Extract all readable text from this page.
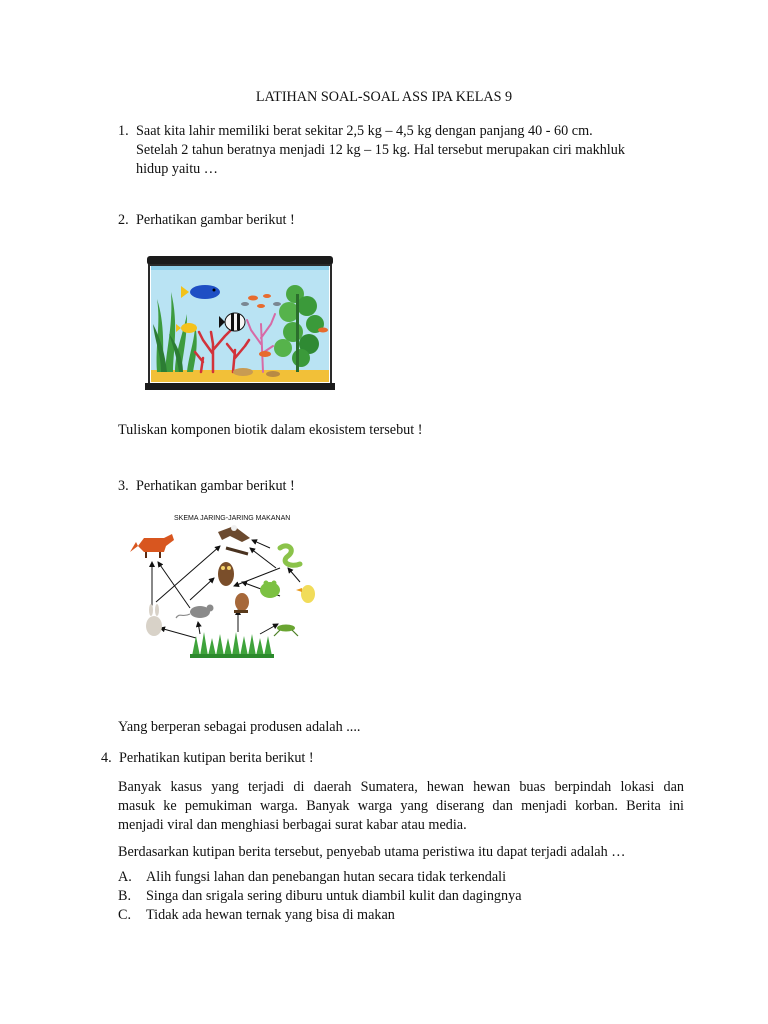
LATIHAN SOAL-SOAL ASS IPA KELAS 9
1. Saat kita lahir memiliki berat sekitar 2,5 kg – 4,5 kg dengan panjang 40 - 60 cm.
Setelah 2 tahun beratnya menjadi 12 kg – 15 kg. Hal tersebut merupakan ciri makhluk
hidup yaitu …
2. Perhatikan gambar berikut !
Tuliskan komponen biotik dalam ekosistem tersebut !
3. Perhatikan gambar berikut !
SKEMA JARING-JARING MAKANAN
Yang berperan sebagai produsen adalah ....
4. Perhatikan kutipan berita berikut !
Banyak kasus yang terjadi di daerah Sumatera, hewan hewan buas berpindah lokasi dan
masuk ke pemukiman warga. Banyak warga yang diserang dan menjadi korban. Berita ini
menjadi viral dan menghiasi berbagai surat kabar atau media.
Berdasarkan kutipan berita tersebut, penyebab utama peristiwa itu dapat terjadi adalah …
A.	Alih fungsi lahan dan penebangan hutan secara tidak terkendali
B.	Singa dan srigala sering diburu untuk diambil kulit dan dagingnya
C.	Tidak ada hewan ternak yang bisa di makan
